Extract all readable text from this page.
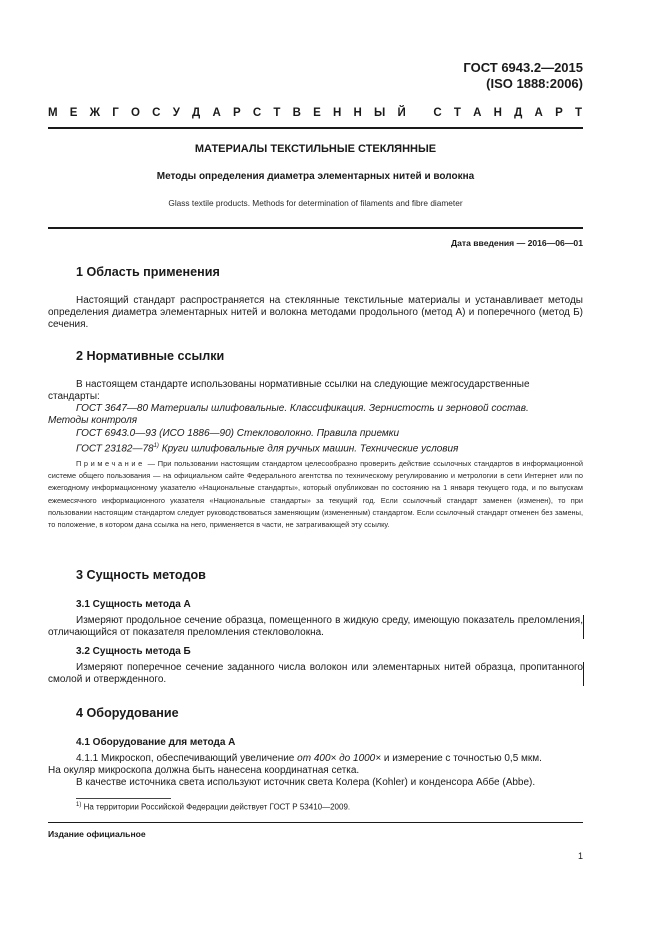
ГОСТ 6943.2—2015
(ISO 1888:2006)
М Е Ж Г О С У Д А Р С Т В Е Н Н Ы Й
С Т А Н Д А Р Т
МАТЕРИАЛЫ ТЕКСТИЛЬНЫЕ СТЕКЛЯННЫЕ
Методы определения диаметра элементарных нитей и волокна
Glass textile products. Methods for determination of filaments and fibre diameter
Дата введения — 2016—06—01
1 Область применения
Настоящий стандарт распространяется на стеклянные текстильные материалы и устанавливает методы определения диаметра элементарных нитей и волокна методами продольного (метод А) и поперечного (метод Б) сечения.
2 Нормативные ссылки
В настоящем стандарте использованы нормативные ссылки на следующие межгосударственные
стандарты:
ГОСТ 3647—80 Материалы шлифовальные. Классификация. Зернистость и зерновой состав.
Методы контроля
ГОСТ 6943.0—93 (ИСО 1886—90) Стекловолокно. Правила приемки
ГОСТ 23182—78$^{1)}$ Круги шлифовальные для ручных машин. Технические условия
Примечание — При пользовании настоящим стандартом целесообразно проверить действие ссылочных стандартов в информационной системе общего пользования — на официальном сайте Федерального агентства по техническому регулированию и метрологии в сети Интернет или по ежегодному информационному указателю «Национальные стандарты», который опубликован по состоянию на 1 января текущего года, и по выпускам ежемесячного информационного указателя «Национальные стандарты» за текущий год. Если ссылочный стандарт заменен (изменен), то при пользовании настоящим стандартом следует руководствоваться заменяющим (измененным) стандартом. Если ссылочный стандарт отменен без замены, то положение, в котором дана ссылка на него, применяется в части, не затрагивающей эту ссылку.
3 Сущность методов
3.1 Сущность метода А
Измеряют продольное сечение образца, помещенного в жидкую среду, имеющую показатель преломления, отличающийся от показателя преломления стекловолокна.
3.2 Сущность метода Б
Измеряют поперечное сечение заданного числа волокон или элементарных нитей образца, пропитанного смолой и отвержденного.
4 Оборудование
4.1 Оборудование для метода А
4.1.1 Микроскоп, обеспечивающий увеличение от 400× до 1000× и измерение с точностью 0,5 мкм.
На окуляр микроскопа должна быть нанесена координатная сетка.
В качестве источника света используют источник света Колера (Kohler) и конденсора Аббе (Abbe).
$^{1)}$ На территории Российской Федерации действует ГОСТ Р 53410—2009.
Издание официальное
1
